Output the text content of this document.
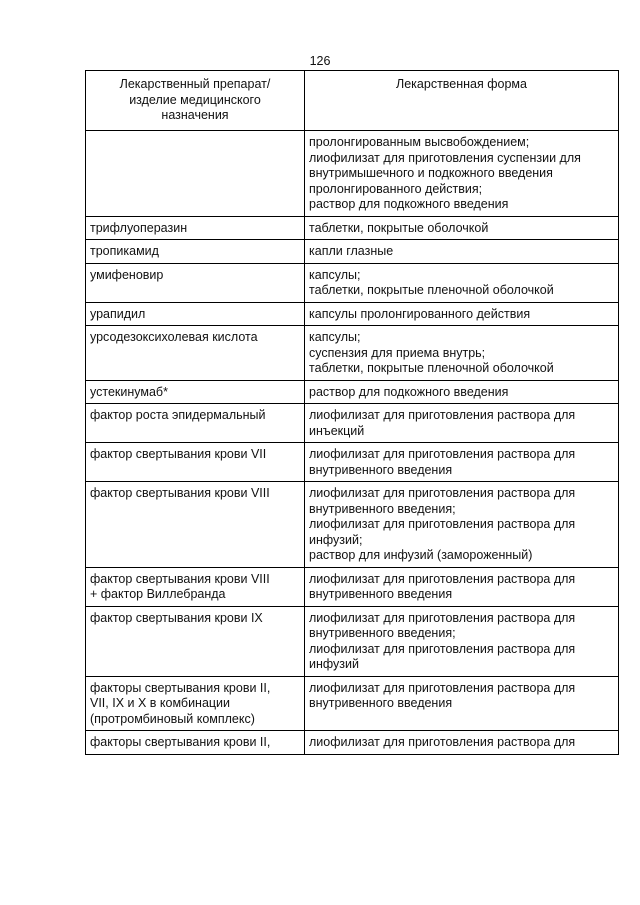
126
Лекарственный препарат/
изделие медицинского
назначения	Лекарственная форма

	пролонгированным высвобождением;
лиофилизат для приготовления суспензии для
внутримышечного и подкожного введения
пролонгированного действия;
раствор для подкожного введения

трифлуоперазин	таблетки, покрытые оболочкой

тропикамид	капли глазные

умифеновир	капсулы;
таблетки, покрытые пленочной оболочкой

урапидил	капсулы пролонгированного действия

урсодезоксихолевая кислота	капсулы;
суспензия для приема внутрь;
таблетки, покрытые пленочной оболочкой

устекинумаб*	раствор для подкожного введения

фактор роста эпидермальный	лиофилизат для приготовления раствора для
инъекций

фактор свертывания крови VII	лиофилизат для приготовления раствора для
внутривенного введения

фактор свертывания крови VIII	лиофилизат для приготовления раствора для
внутривенного введения;
лиофилизат для приготовления раствора для
инфузий;
раствор для инфузий (замороженный)

фактор свертывания крови VIII
+ фактор Виллебранда	лиофилизат для приготовления раствора для
внутривенного введения

фактор свертывания крови IX	лиофилизат для приготовления раствора для
внутривенного введения;
лиофилизат для приготовления раствора для
инфузий

факторы свертывания крови II,
VII, IX и X в комбинации
(протромбиновый комплекс)	лиофилизат для приготовления раствора для
внутривенного введения

факторы свертывания крови II,	лиофилизат для приготовления раствора для
